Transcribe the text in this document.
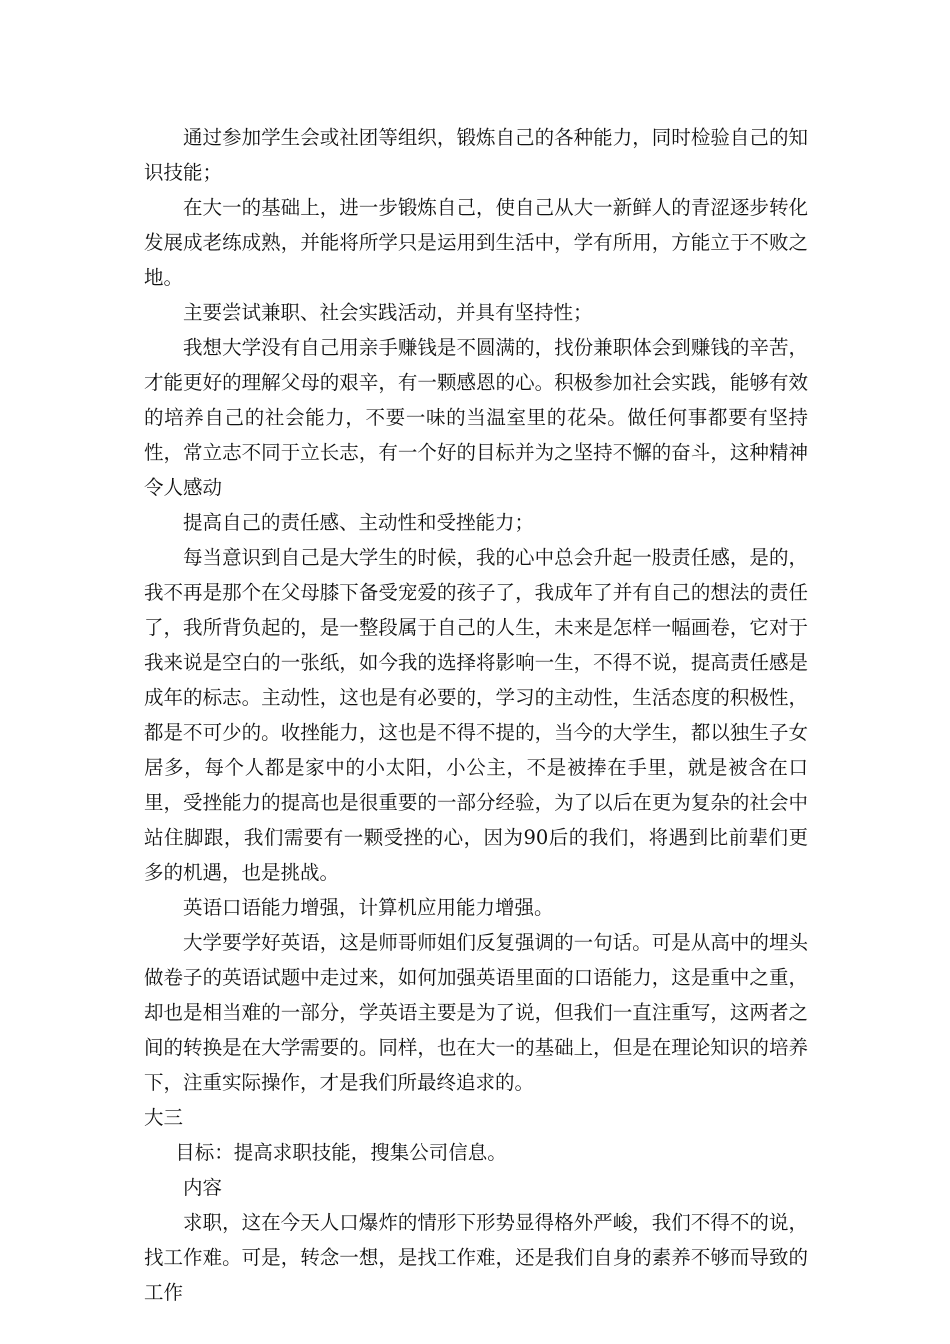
通过参加学生会或社团等组织，锻炼自己的各种能力，同时检验自己的知识技能；

在大一的基础上，进一步锻炼自己，使自己从大一新鲜人的青涩逐步转化发展成老练成熟，并能将所学只是运用到生活中，学有所用，方能立于不败之地。

主要尝试兼职、社会实践活动，并具有坚持性；

我想大学没有自己用亲手赚钱是不圆满的，找份兼职体会到赚钱的辛苦，才能更好的理解父母的艰辛，有一颗感恩的心。积极参加社会实践，能够有效的培养自己的社会能力，不要一味的当温室里的花朵。做任何事都要有坚持性，常立志不同于立长志，有一个好的目标并为之坚持不懈的奋斗，这种精神令人感动

提高自己的责任感、主动性和受挫能力；

每当意识到自己是大学生的时候，我的心中总会升起一股责任感，是的，我不再是那个在父母膝下备受宠爱的孩子了，我成年了并有自己的想法的责任了，我所背负起的，是一整段属于自己的人生，未来是怎样一幅画卷，它对于我来说是空白的一张纸，如今我的选择将影响一生，不得不说，提高责任感是成年的标志。主动性，这也是有必要的，学习的主动性，生活态度的积极性，都是不可少的。收挫能力，这也是不得不提的，当今的大学生，都以独生子女居多，每个人都是家中的小太阳，小公主，不是被捧在手里，就是被含在口里，受挫能力的提高也是很重要的一部分经验，为了以后在更为复杂的社会中站住脚跟，我们需要有一颗受挫的心，因为90后的我们，将遇到比前辈们更多的机遇，也是挑战。

英语口语能力增强，计算机应用能力增强。

大学要学好英语，这是师哥师姐们反复强调的一句话。可是从高中的埋头做卷子的英语试题中走过来，如何加强英语里面的口语能力，这是重中之重，却也是相当难的一部分，学英语主要是为了说，但我们一直注重写，这两者之间的转换是在大学需要的。同样，也在大一的基础上，但是在理论知识的培养下，注重实际操作，才是我们所最终追求的。

大三

目标：提高求职技能，搜集公司信息。

内容

求职，这在今天人口爆炸的情形下形势显得格外严峻，我们不得不的说，找工作难。可是，转念一想，是找工作难，还是我们自身的素养不够而导致的工作
